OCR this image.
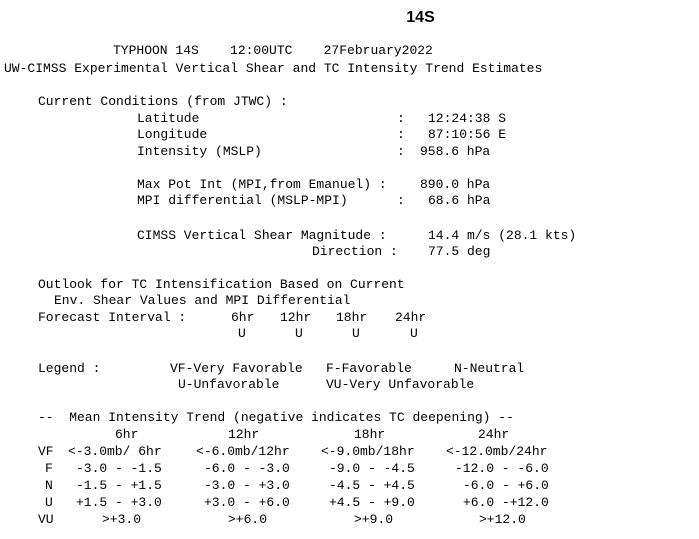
14S
TYPHOON 14S    12:00UTC    27February2022
UW-CIMSS Experimental Vertical Shear and TC Intensity Trend Estimates
Current Conditions (from JTWC) :
Latitude	: 12:24:38 S
Longitude	: 87:10:56 E
Intensity (MSLP)	: 958.6 hPa
Max Pot Int (MPI,from Emanuel) :	890.0 hPa
MPI differential (MSLP-MPI)	: 68.6 hPa
CIMSS Vertical Shear Magnitude :	14.4 m/s (28.1 kts)
Direction : 77.5 deg
Outlook for TC Intensification Based on Current
Env. Shear Values and MPI Differential
Forecast Interval :	6hr 12hr 18hr 24hr
U	U	U	U
Legend :	VF-Very Favorable F-Favorable	N-Neutral
U-Unfavorable	VU-Very Unfavorable
--  Mean Intensity Trend (negative indicates TC deepening) --
6hr	12hr	18hr	24hr
VF <-3.0mb/ 6hr	<-6.0mb/12hr <-9.0mb/18hr <-12.0mb/24hr
F -3.0 - -1.5	-6.0 - -3.0	-9.0 - -4.5	-12.0 - -6.0
N -1.5 - +1.5	-3.0 - +3.0	-4.5 - +4.5	-6.0 - +6.0
U +1.5 - +3.0	+3.0 - +6.0	+4.5 - +9.0	+6.0 -+12.0
VU	>+3.0	>+6.0	>+9.0	>+12.0
